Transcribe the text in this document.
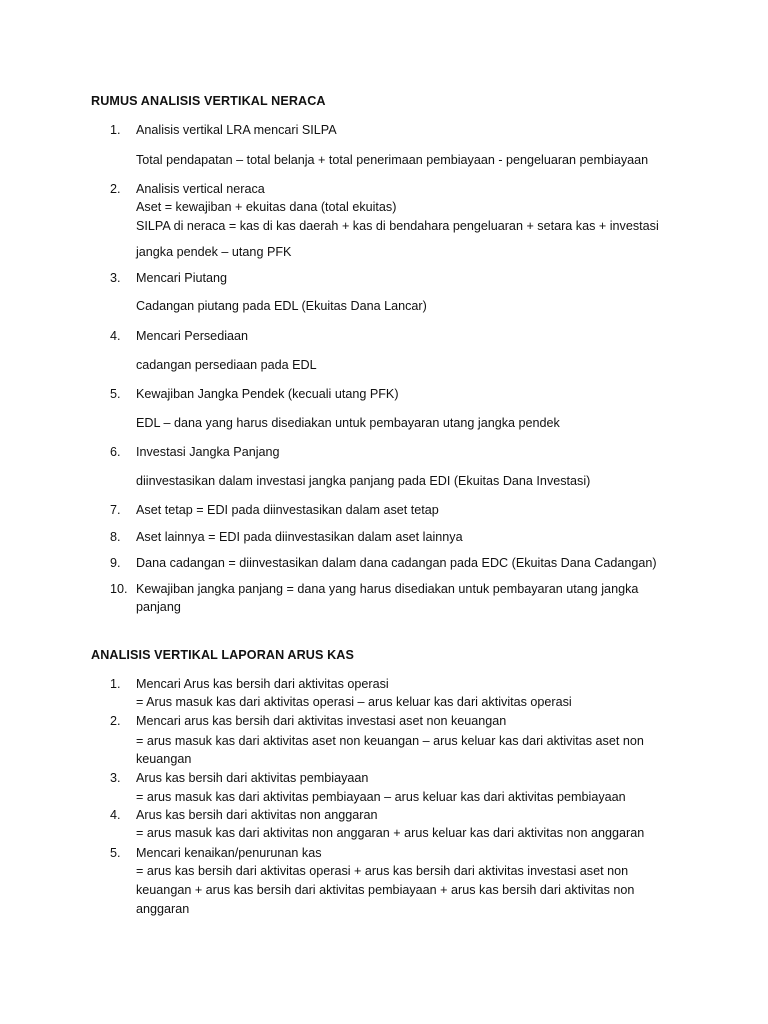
RUMUS ANALISIS VERTIKAL NERACA
1. Analisis vertikal LRA mencari SILPA
Total pendapatan – total belanja + total penerimaan pembiayaan - pengeluaran pembiayaan
2. Analisis vertical neraca
Aset = kewajiban + ekuitas dana (total ekuitas)
SILPA di neraca = kas di kas daerah + kas di bendahara pengeluaran + setara kas + investasi
jangka pendek – utang PFK
3. Mencari Piutang
Cadangan piutang pada EDL (Ekuitas Dana Lancar)
4. Mencari Persediaan
cadangan persediaan pada EDL
5. Kewajiban Jangka Pendek (kecuali utang PFK)
EDL – dana yang harus disediakan untuk pembayaran utang jangka pendek
6. Investasi Jangka Panjang
diinvestasikan dalam investasi jangka panjang pada EDI (Ekuitas Dana Investasi)
7. Aset tetap = EDI pada diinvestasikan dalam aset tetap
8. Aset lainnya = EDI pada diinvestasikan dalam aset lainnya
9. Dana cadangan = diinvestasikan dalam dana cadangan pada EDC (Ekuitas Dana Cadangan)
10. Kewajiban jangka panjang = dana yang harus disediakan untuk pembayaran utang jangka
panjang
ANALISIS VERTIKAL LAPORAN ARUS KAS
1. Mencari Arus kas bersih dari aktivitas operasi
= Arus masuk kas dari aktivitas operasi – arus keluar kas dari aktivitas operasi
2. Mencari arus kas bersih dari aktivitas investasi aset non keuangan
= arus masuk kas dari aktivitas aset non keuangan – arus keluar kas dari aktivitas aset non
keuangan
3. Arus kas bersih dari aktivitas pembiayaan
= arus masuk kas dari aktivitas pembiayaan – arus keluar kas dari aktivitas pembiayaan
4. Arus kas bersih dari aktivitas non anggaran
= arus masuk kas dari aktivitas non anggaran + arus keluar kas dari aktivitas non anggaran
5. Mencari kenaikan/penurunan kas
= arus kas bersih dari aktivitas operasi + arus kas bersih dari aktivitas investasi aset non
keuangan + arus kas bersih dari aktivitas pembiayaan + arus kas bersih dari aktivitas non
anggaran
